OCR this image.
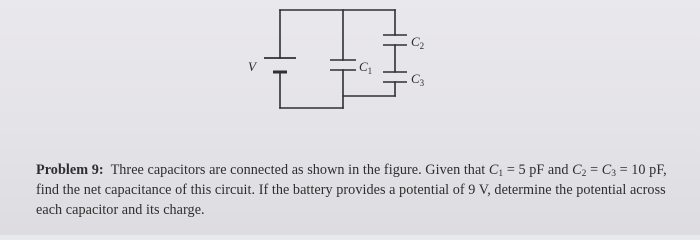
V	$C_1$
$C_2$
$C_3$
Problem 9: Three capacitors are connected as shown in the figure. Given that $C_1 = 5$ pF and $C_2 = C_3 = 10$ pF, find the net capacitance of this circuit. If the battery provides a potential of 9 V, determine the potential across each capacitor and its charge.
